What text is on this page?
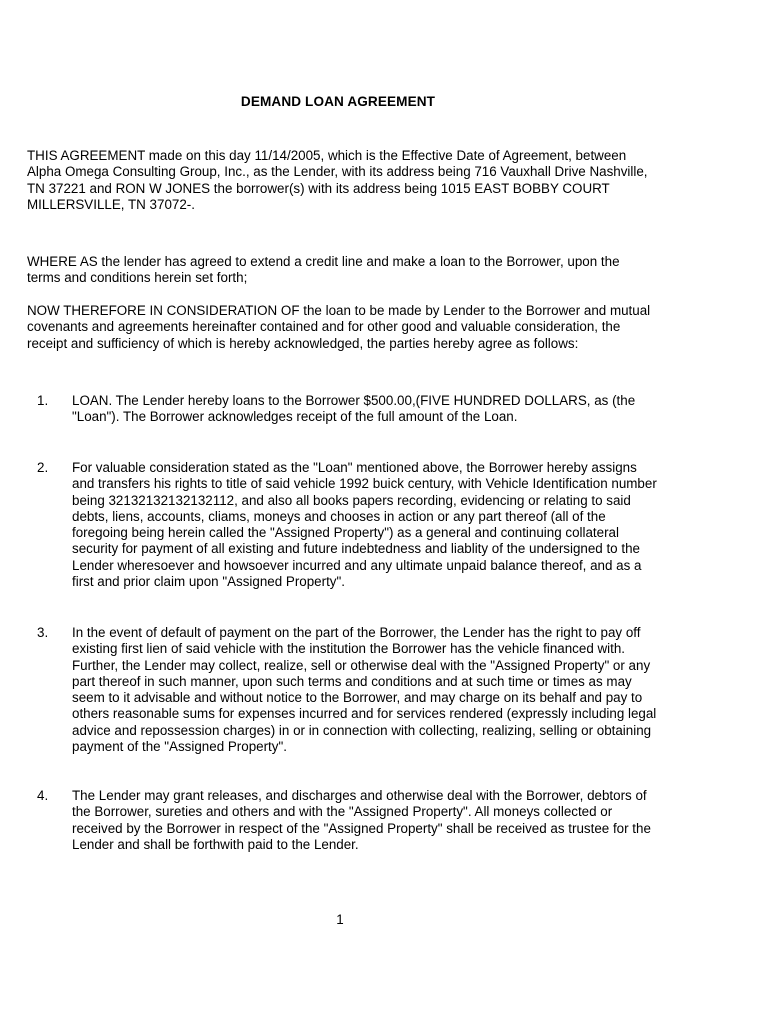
DEMAND LOAN AGREEMENT

THIS AGREEMENT made on this day 11/14/2005, which is the Effective Date of Agreement, between Alpha Omega Consulting Group, Inc., as the Lender, with its address being 716 Vauxhall Drive Nashville, TN 37221 and RON W JONES the borrower(s) with its address being 1015 EAST BOBBY COURT MILLERSVILLE, TN 37072-.

WHERE AS the lender has agreed to extend a credit line and make a loan to the Borrower, upon the terms and conditions herein set forth;

NOW THEREFORE IN CONSIDERATION OF the loan to be made by Lender to the Borrower and mutual covenants and agreements hereinafter contained and for other good and valuable consideration, the receipt and sufficiency of which is hereby acknowledged, the parties hereby agree as follows:

1. LOAN. The Lender hereby loans to the Borrower $500.00,(FIVE HUNDRED DOLLARS, as (the "Loan"). The Borrower acknowledges receipt of the full amount of the Loan.
2. For valuable consideration stated as the "Loan" mentioned above, the Borrower hereby assigns and transfers his rights to title of said vehicle 1992 buick century, with Vehicle Identification number being 32132132132132112, and also all books papers recording, evidencing or relating to said debts, liens, accounts, cliams, moneys and chooses in action or any part thereof (all of the foregoing being herein called the "Assigned Property") as a general and continuing collateral security for payment of all existing and future indebtedness and liablity of the undersigned to the Lender wheresoever and howsoever incurred and any ultimate unpaid balance thereof, and as a first and prior claim upon "Assigned Property".
3. In the event of default of payment on the part of the Borrower, the Lender has the right to pay off existing first lien of said vehicle with the institution the Borrower has the vehicle financed with. Further, the Lender may collect, realize, sell or otherwise deal with the "Assigned Property" or any part thereof in such manner, upon such terms and conditions and at such time or times as may seem to it advisable and without notice to the Borrower, and may charge on its behalf and pay to others reasonable sums for expenses incurred and for services rendered (expressly including legal advice and repossession charges) in or in connection with collecting, realizing, selling or obtaining payment of the "Assigned Property".
4. The Lender may grant releases, and discharges and otherwise deal with the Borrower, debtors of the Borrower, sureties and others and with the "Assigned Property". All moneys collected or received by the Borrower in respect of the "Assigned Property" shall be received as trustee for the Lender and shall be forthwith paid to the Lender.
1
